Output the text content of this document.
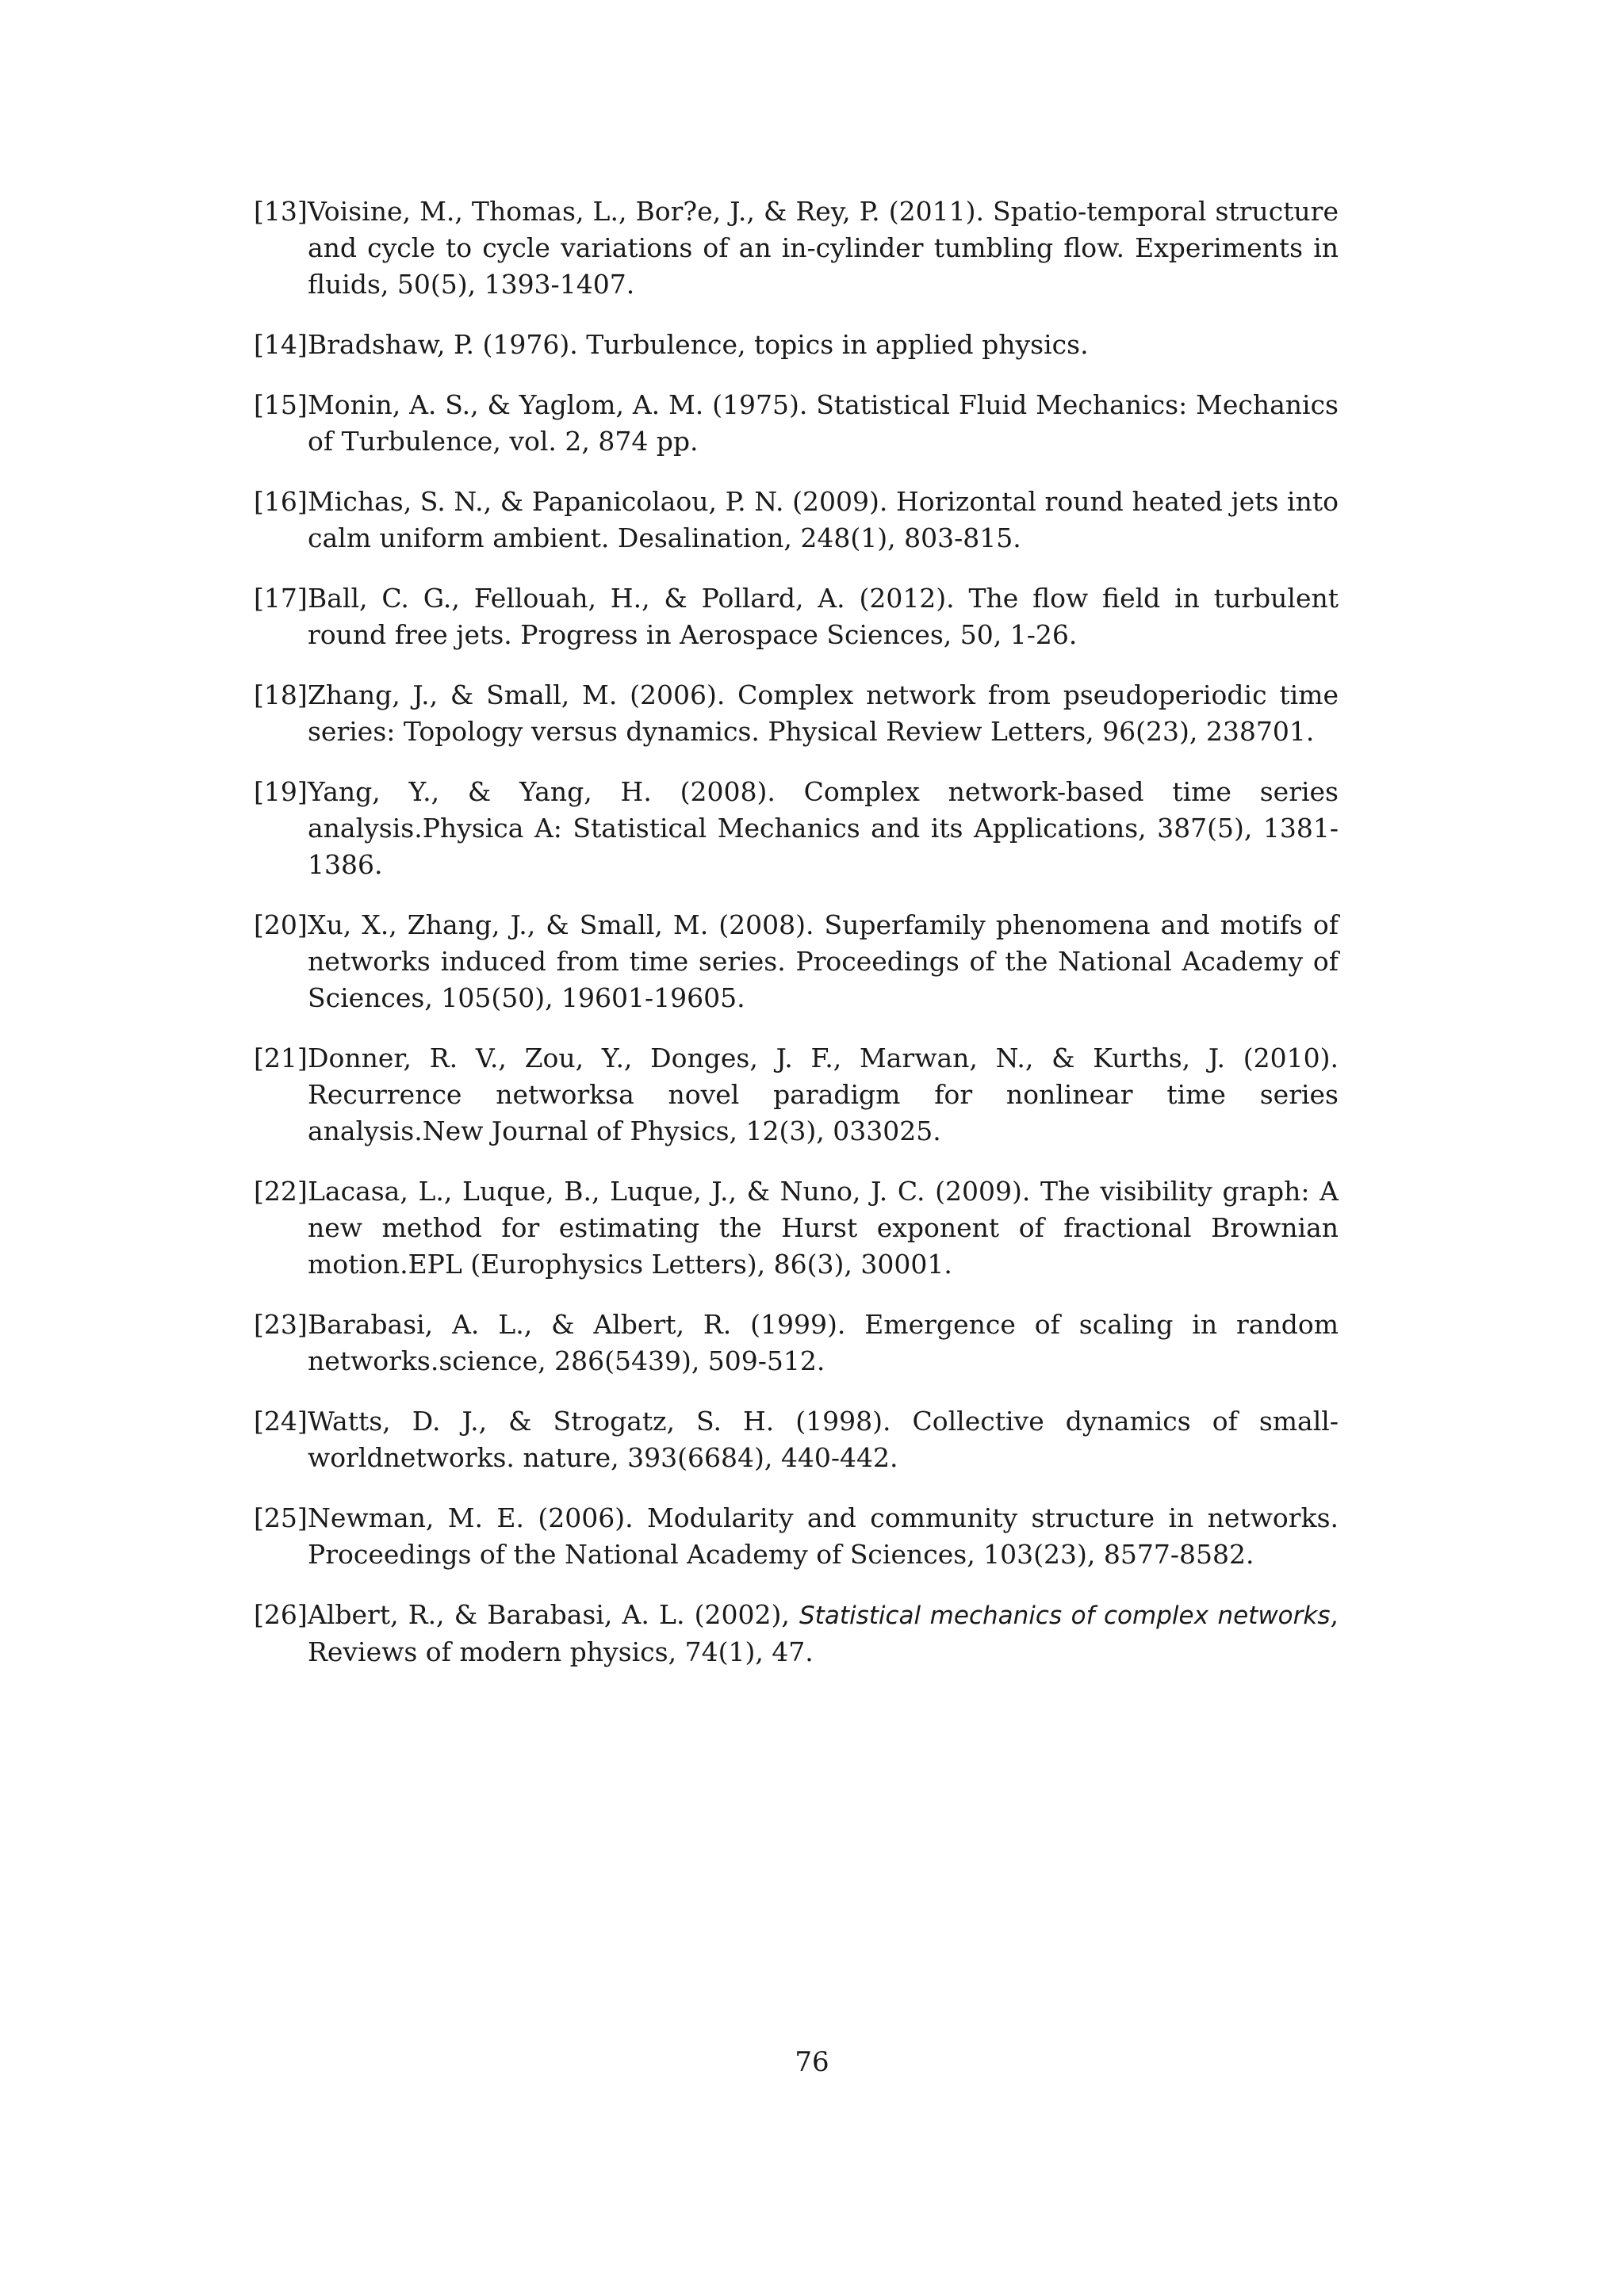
[13] Voisine, M., Thomas, L., Bor?e, J., & Rey, P. (2011). Spatio-temporal structure and cycle to cycle variations of an in-cylinder tumbling flow. Experiments in fluids, 50(5), 1393-1407.
[14] Bradshaw, P. (1976). Turbulence, topics in applied physics.
[15] Monin, A. S., & Yaglom, A. M. (1975). Statistical Fluid Mechanics: Mechanics of Turbulence, vol. 2, 874 pp.
[16] Michas, S. N., & Papanicolaou, P. N. (2009). Horizontal round heated jets into calm uniform ambient. Desalination, 248(1), 803-815.
[17] Ball, C. G., Fellouah, H., & Pollard, A. (2012). The flow field in turbulent round free jets. Progress in Aerospace Sciences, 50, 1-26.
[18] Zhang, J., & Small, M. (2006). Complex network from pseudoperiodic time series: Topology versus dynamics. Physical Review Letters, 96(23), 238701.
[19] Yang, Y., & Yang, H. (2008). Complex network-based time series analysis.Physica A: Statistical Mechanics and its Applications, 387(5), 1381-1386.
[20] Xu, X., Zhang, J., & Small, M. (2008). Superfamily phenomena and motifs of networks induced from time series. Proceedings of the National Academy of Sciences, 105(50), 19601-19605.
[21] Donner, R. V., Zou, Y., Donges, J. F., Marwan, N., & Kurths, J. (2010). Recurrence networksa novel paradigm for nonlinear time series analysis.New Journal of Physics, 12(3), 033025.
[22] Lacasa, L., Luque, B., Luque, J., & Nuno, J. C. (2009). The visibility graph: A new method for estimating the Hurst exponent of fractional Brownian motion.EPL (Europhysics Letters), 86(3), 30001.
[23] Barabasi, A. L., & Albert, R. (1999). Emergence of scaling in random networks.science, 286(5439), 509-512.
[24] Watts, D. J., & Strogatz, S. H. (1998). Collective dynamics of small-worldnetworks. nature, 393(6684), 440-442.
[25] Newman, M. E. (2006). Modularity and community structure in networks. Proceedings of the National Academy of Sciences, 103(23), 8577-8582.
[26] Albert, R., & Barabasi, A. L. (2002), Statistical mechanics of complex networks, Reviews of modern physics, 74(1), 47.
76
